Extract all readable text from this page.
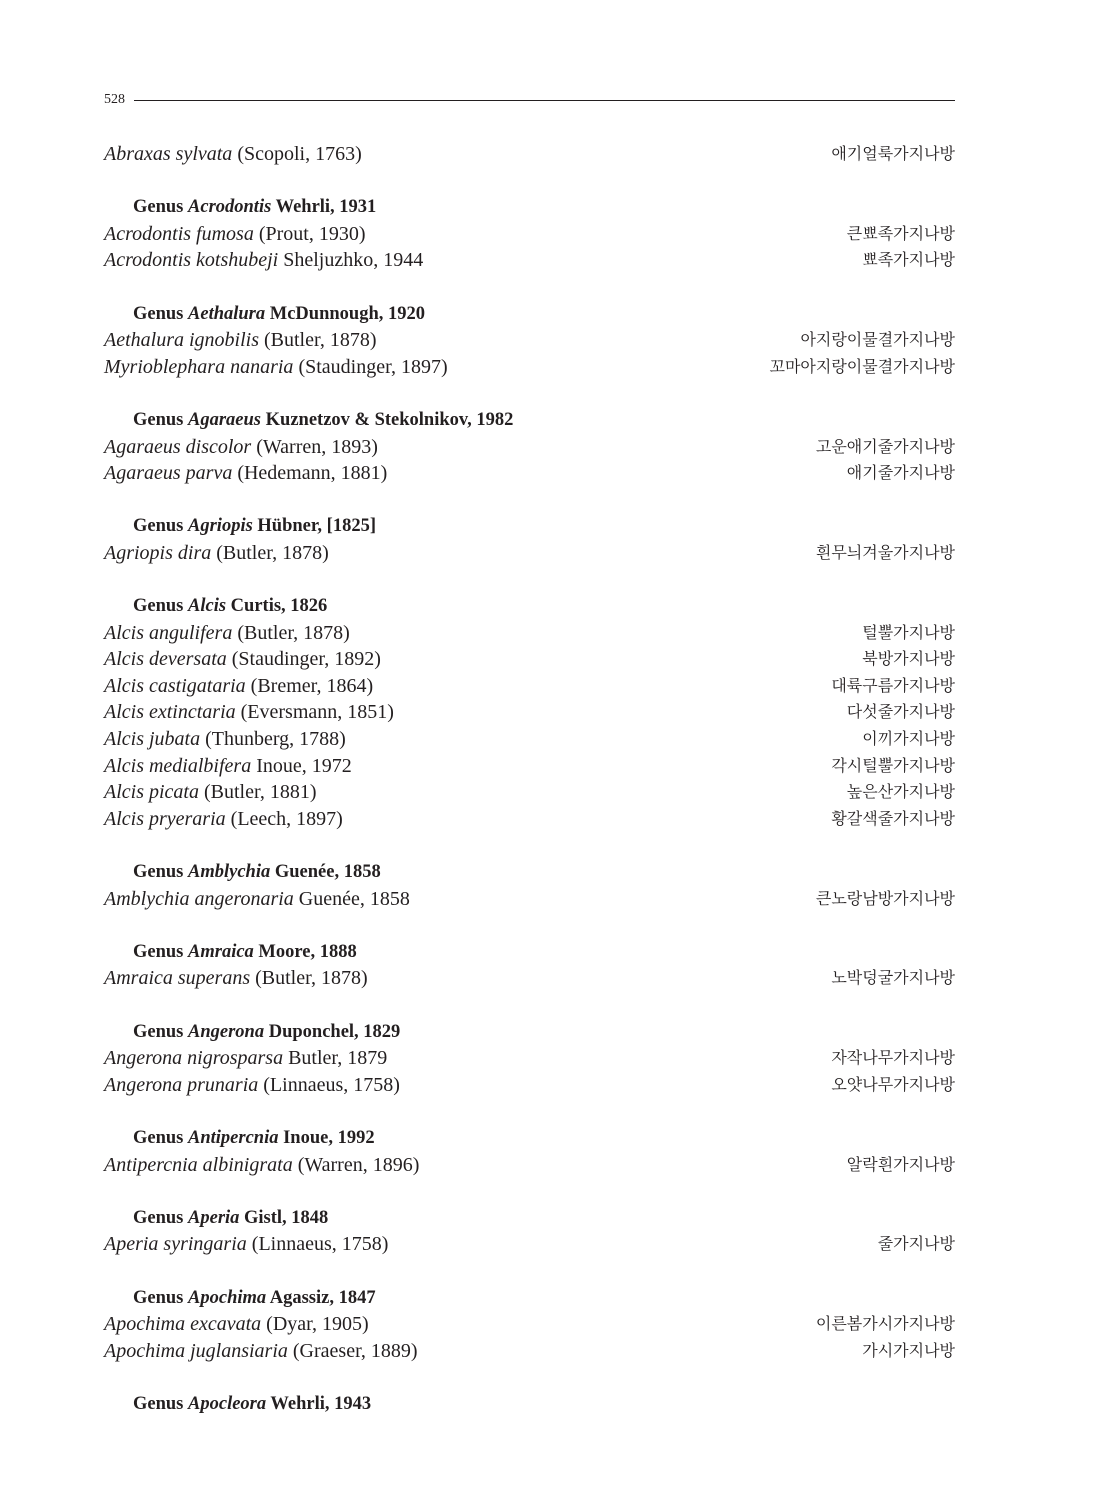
528
Abraxas sylvata (Scopoli, 1763)	애기얼룩가지나방
Genus Acrodontis Wehrli, 1931
Acrodontis fumosa (Prout, 1930)	큰뾰족가지나방
Acrodontis kotshubeji Sheljuzhko, 1944	뾰족가지나방
Genus Aethalura McDunnough, 1920
Aethalura ignobilis (Butler, 1878)	아지랑이물결가지나방
Myrioblephara nanaria (Staudinger, 1897)	꼬마아지랑이물결가지나방
Genus Agaraeus Kuznetzov & Stekolnikov, 1982
Agaraeus discolor (Warren, 1893)	고운애기줄가지나방
Agaraeus parva (Hedemann, 1881)	애기줄가지나방
Genus Agriopis Hübner, [1825]
Agriopis dira (Butler, 1878)	흰무늬겨울가지나방
Genus Alcis Curtis, 1826
Alcis angulifera (Butler, 1878)	털뿔가지나방
Alcis deversata (Staudinger, 1892)	북방가지나방
Alcis castigataria (Bremer, 1864)	대륙구름가지나방
Alcis extinctaria (Eversmann, 1851)	다섯줄가지나방
Alcis jubata (Thunberg, 1788)	이끼가지나방
Alcis medialbifera Inoue, 1972	각시털뿔가지나방
Alcis picata (Butler, 1881)	높은산가지나방
Alcis pryeraria (Leech, 1897)	황갈색줄가지나방
Genus Amblychia Guenée, 1858
Amblychia angeronaria Guenée, 1858	큰노랑남방가지나방
Genus Amraica Moore, 1888
Amraica superans (Butler, 1878)	노박덩굴가지나방
Genus Angerona Duponchel, 1829
Angerona nigrosparsa Butler, 1879	자작나무가지나방
Angerona prunaria (Linnaeus, 1758)	오얏나무가지나방
Genus Antipercnia Inoue, 1992
Antipercnia albinigrata (Warren, 1896)	알락흰가지나방
Genus Aperia Gistl, 1848
Aperia syringaria (Linnaeus, 1758)	줄가지나방
Genus Apochima Agassiz, 1847
Apochima excavata (Dyar, 1905)	이른봄가시가지나방
Apochima juglansiaria (Graeser, 1889)	가시가지나방
Genus Apocleora Wehrli, 1943
